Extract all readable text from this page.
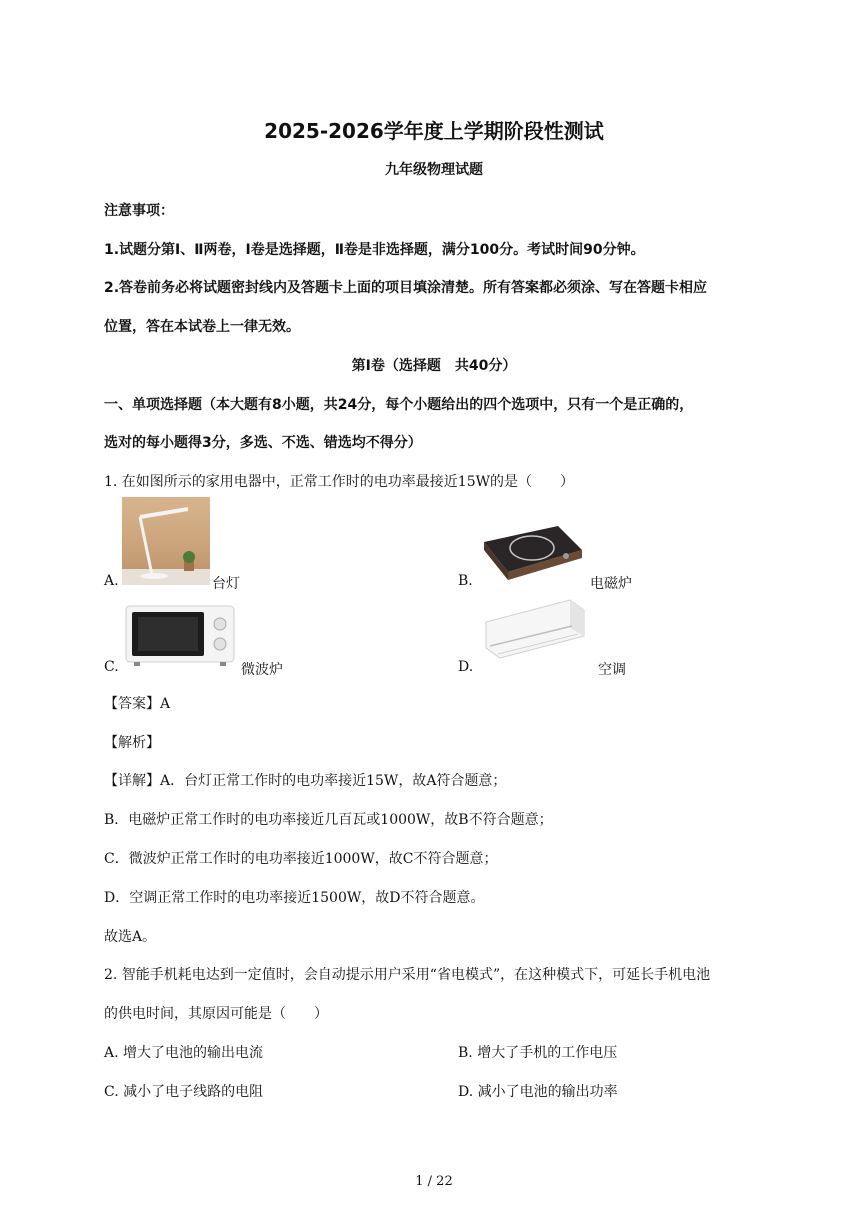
2025-2026学年度上学期阶段性测试
九年级物理试题
注意事项：
1.试题分第Ⅰ、Ⅱ两卷，Ⅰ卷是选择题，Ⅱ卷是非选择题，满分100分。考试时间90分钟。
2.答卷前务必将试题密封线内及答题卡上面的项目填涂清楚。所有答案都必须涂、写在答题卡相应
位置，答在本试卷上一律无效。
第Ⅰ卷（选择题　共40分）
一、单项选择题（本大题有8小题，共24分，每个小题给出的四个选项中，只有一个是正确的，
选对的每小题得3分，多选、不选、错选均不得分）
1. 在如图所示的家用电器中，正常工作时的电功率最接近15W的是（　　）
A.	台灯	B.	电磁炉
C.	微波炉	D.	空调
【答案】A
【解析】
【详解】A．台灯正常工作时的电功率接近15W，故A符合题意；
B．电磁炉正常工作时的电功率接近几百瓦或1000W，故B不符合题意；
C．微波炉正常工作时的电功率接近1000W，故C不符合题意；
D．空调正常工作时的电功率接近1500W，故D不符合题意。
故选A。
2. 智能手机耗电达到一定值时，会自动提示用户采用“省电模式”，在这种模式下，可延长手机电池
的供电时间，其原因可能是（　　）
A. 增大了电池的输出电流	B. 增大了手机的工作电压
C. 减小了电子线路的电阻	D. 减小了电池的输出功率
1 / 22
